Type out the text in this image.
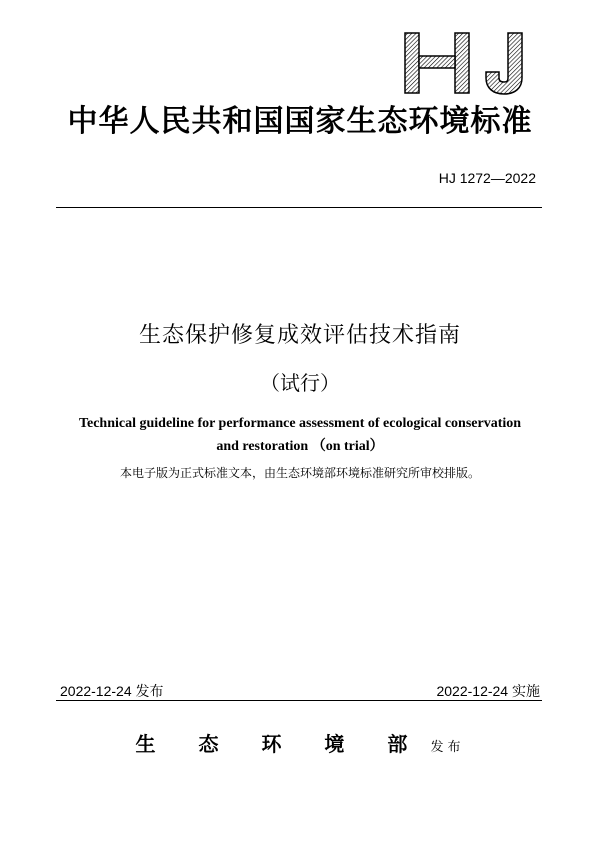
中华人民共和国国家生态环境标准
HJ 1272—2022
生态保护修复成效评估技术指南
（试行）
Technical guideline for performance assessment of ecological conservation
and restoration （on trial）
本电子版为正式标准文本，由生态环境部环境标准研究所审校排版。
2022-12-24 发布	2022-12-24 实施
生 态 环 境 部 发布
